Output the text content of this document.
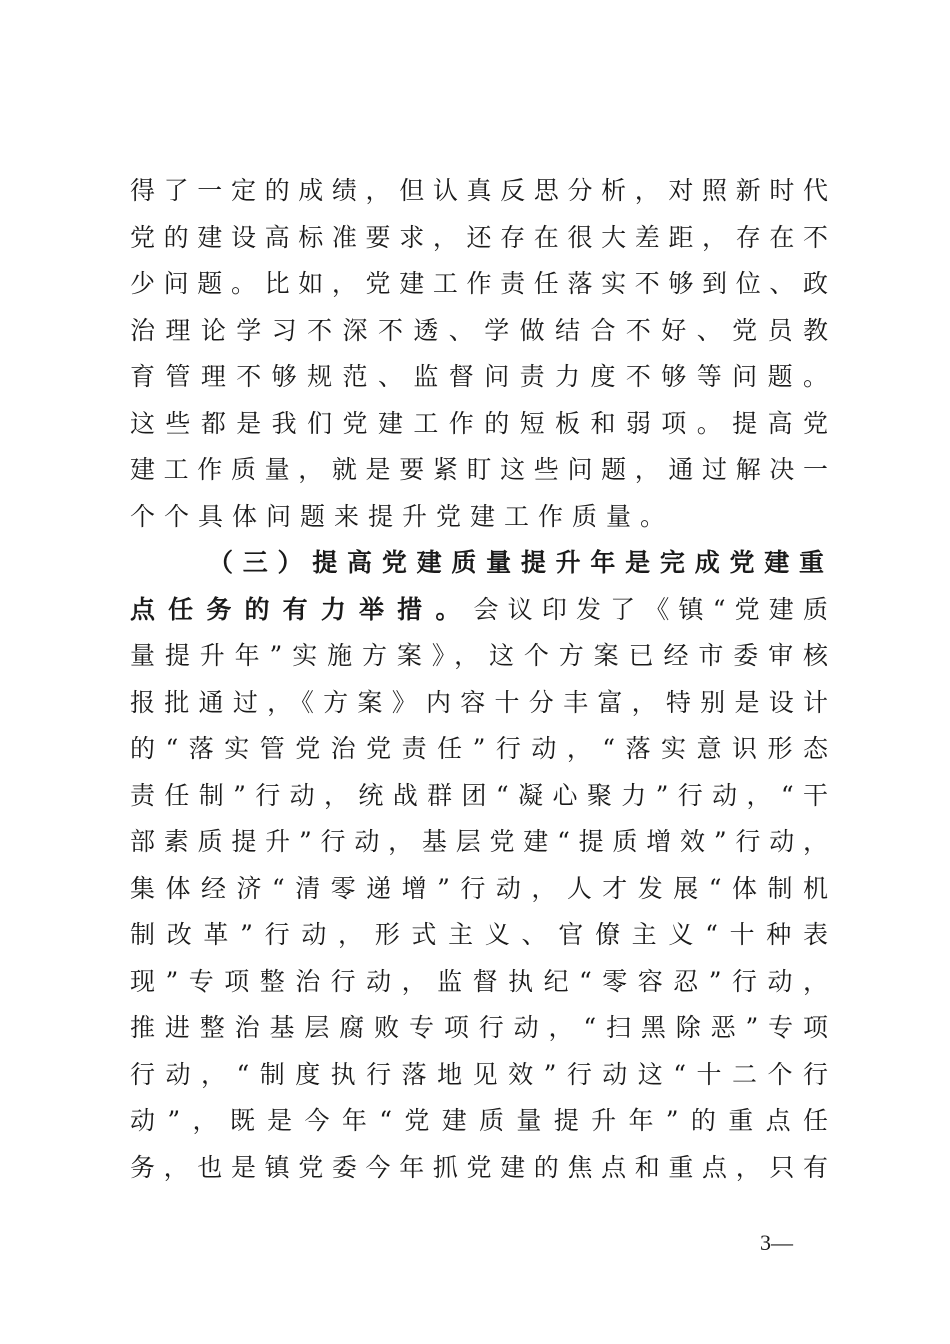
得了一定的成绩，但认真反思分析，对照新时代
党的建设高标准要求，还存在很大差距，存在不
少问题。比如，党建工作责任落实不够到位、政
治理论学习不深不透、学做结合不好、党员教
育管理不够规范、监督问责力度不够等问题。
这些都是我们党建工作的短板和弱项。提高党
建工作质量，就是要紧盯这些问题，通过解决一
个个具体问题来提升党建工作质量。
（三）提高党建质量提升年是完成党建重
点任务的有力举措。会议印发了《镇“党建质
量提升年”实施方案》，这个方案已经市委审核
报批通过，《方案》内容十分丰富，特别是设计
的“落实管党治党责任”行动，“落实意识形态
责任制”行动，统战群团“凝心聚力”行动，“干
部素质提升”行动，基层党建“提质增效”行动，
集体经济“清零递增”行动，人才发展“体制机
制改革”行动，形式主义、官僚主义“十种表
现”专项整治行动，监督执纪“零容忍”行动，
推进整治基层腐败专项行动，“扫黑除恶”专项
行动，“制度执行落地见效”行动这“十二个行
动”，既是今年“党建质量提升年”的重点任
务，也是镇党委今年抓党建的焦点和重点，只有
3—
